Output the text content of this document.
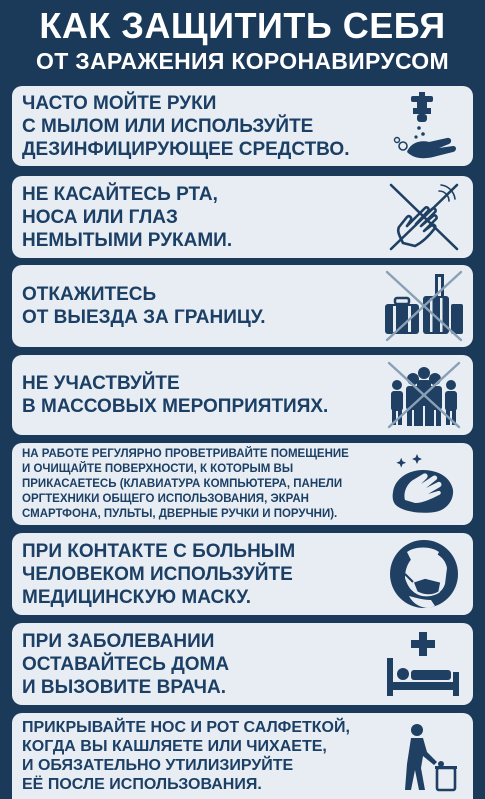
КАК ЗАЩИТИТЬ СЕБЯ
ОТ ЗАРАЖЕНИЯ КОРОНАВИРУСОМ
ЧАСТО МОЙТЕ РУКИ
С МЫЛОМ ИЛИ ИСПОЛЬЗУЙТЕ
ДЕЗИНФИЦИРУЮЩЕЕ СРЕДСТВО.
НЕ КАСАЙТЕСЬ РТА,
НОСА ИЛИ ГЛАЗ
НЕМЫТЫМИ РУКАМИ.
ОТКАЖИТЕСЬ
ОТ ВЫЕЗДА ЗА ГРАНИЦУ.
НЕ УЧАСТВУЙТЕ
В МАССОВЫХ МЕРОПРИЯТИЯХ.
НА РАБОТЕ РЕГУЛЯРНО ПРОВЕТРИВАЙТЕ ПОМЕЩЕНИЕ
И ОЧИЩАЙТЕ ПОВЕРХНОСТИ, К КОТОРЫМ ВЫ
ПРИКАСАЕТЕСЬ (КЛАВИАТУРА КОМПЬЮТЕРА, ПАНЕЛИ
ОРГТЕХНИКИ ОБЩЕГО ИСПОЛЬЗОВАНИЯ, ЭКРАН
СМАРТФОНА, ПУЛЬТЫ, ДВЕРНЫЕ РУЧКИ И ПОРУЧНИ).
ПРИ КОНТАКТЕ С БОЛЬНЫМ
ЧЕЛОВЕКОМ ИСПОЛЬЗУЙТЕ
МЕДИЦИНСКУЮ МАСКУ.
ПРИ ЗАБОЛЕВАНИИ
ОСТАВАЙТЕСЬ ДОМА
И ВЫЗОВИТЕ ВРАЧА.
ПРИКРЫВАЙТЕ НОС И РОТ САЛФЕТКОЙ,
КОГДА ВЫ КАШЛЯЕТЕ ИЛИ ЧИХАЕТЕ,
И ОБЯЗАТЕЛЬНО УТИЛИЗИРУЙТЕ
ЕЁ ПОСЛЕ ИСПОЛЬЗОВАНИЯ.
